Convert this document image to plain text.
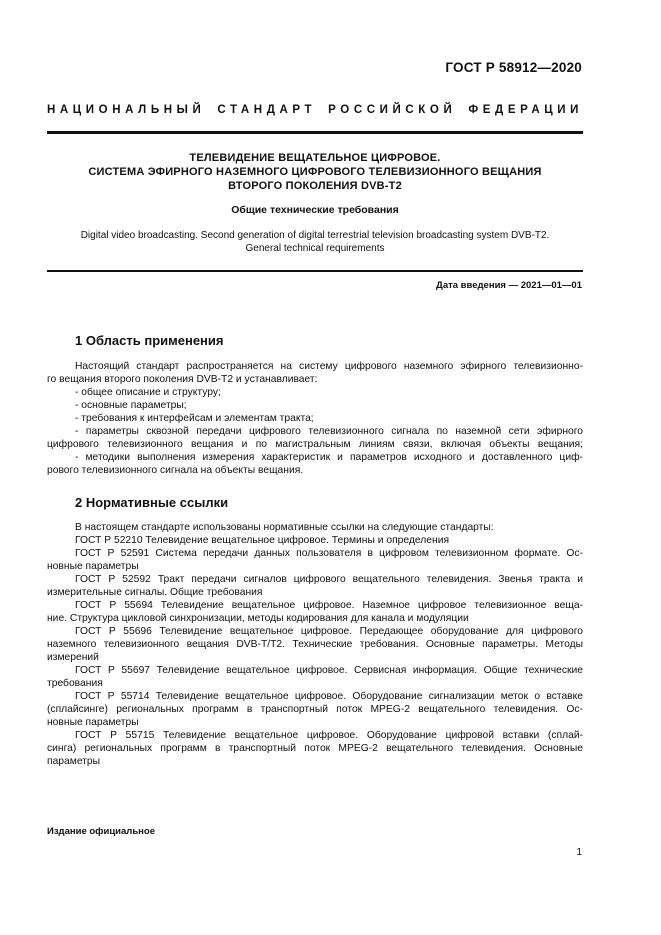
ГОСТ Р 58912—2020
НАЦИОНАЛЬНЫЙ СТАНДАРТ РОССИЙСКОЙ ФЕДЕРАЦИИ
ТЕЛЕВИДЕНИЕ ВЕЩАТЕЛЬНОЕ ЦИФРОВОЕ.
СИСТЕМА ЭФИРНОГО НАЗЕМНОГО ЦИФРОВОГО ТЕЛЕВИЗИОННОГО ВЕЩАНИЯ
ВТОРОГО ПОКОЛЕНИЯ DVB-T2
Общие технические требования
Digital video broadcasting. Second generation of digital terrestrial television broadcasting system DVB-T2.
General technical requirements
Дата введения — 2021—01—01
1 Область применения
Настоящий стандарт распространяется на систему цифрового наземного эфирного телевизионно-
го вещания второго поколения DVB-T2 и устанавливает:
- общее описание и структуру;
- основные параметры;
- требования к интерфейсам и элементам тракта;
- параметры сквозной передачи цифрового телевизионного сигнала по наземной сети эфирного
цифрового телевизионного вещания и по магистральным линиям связи, включая объекты вещания;
- методики выполнения измерения характеристик и параметров исходного и доставленного циф-
рового телевизионного сигнала на объекты вещания.
2 Нормативные ссылки
В настоящем стандарте использованы нормативные ссылки на следующие стандарты:
ГОСТ Р 52210 Телевидение вещательное цифровое. Термины и определения
ГОСТ Р 52591 Система передачи данных пользователя в цифровом телевизионном формате. Ос-
новные параметры
ГОСТ Р 52592 Тракт передачи сигналов цифрового вещательного телевидения. Звенья тракта и
измерительные сигналы. Общие требования
ГОСТ Р 55694 Телевидение вещательное цифровое. Наземное цифровое телевизионное веща-
ние. Структура цикловой синхронизации, методы кодирования для канала и модуляции
ГОСТ Р 55696 Телевидение вещательное цифровое. Передающее оборудование для цифрового
наземного телевизионного вещания DVB-T/T2. Технические требования. Основные параметры. Методы
измерений
ГОСТ Р 55697 Телевидение вещательное цифровое. Сервисная информация. Общие технические
требования
ГОСТ Р 55714 Телевидение вещательное цифровое. Оборудование сигнализации меток о вставке
(сплайсинге) региональных программ в транспортный поток MPEG-2 вещательного телевидения. Ос-
новные параметры
ГОСТ Р 55715 Телевидение вещательное цифровое. Оборудование цифровой вставки (сплай-
синга) региональных программ в транспортный поток MPEG-2 вещательного телевидения. Основные
параметры
Издание официальное
1
